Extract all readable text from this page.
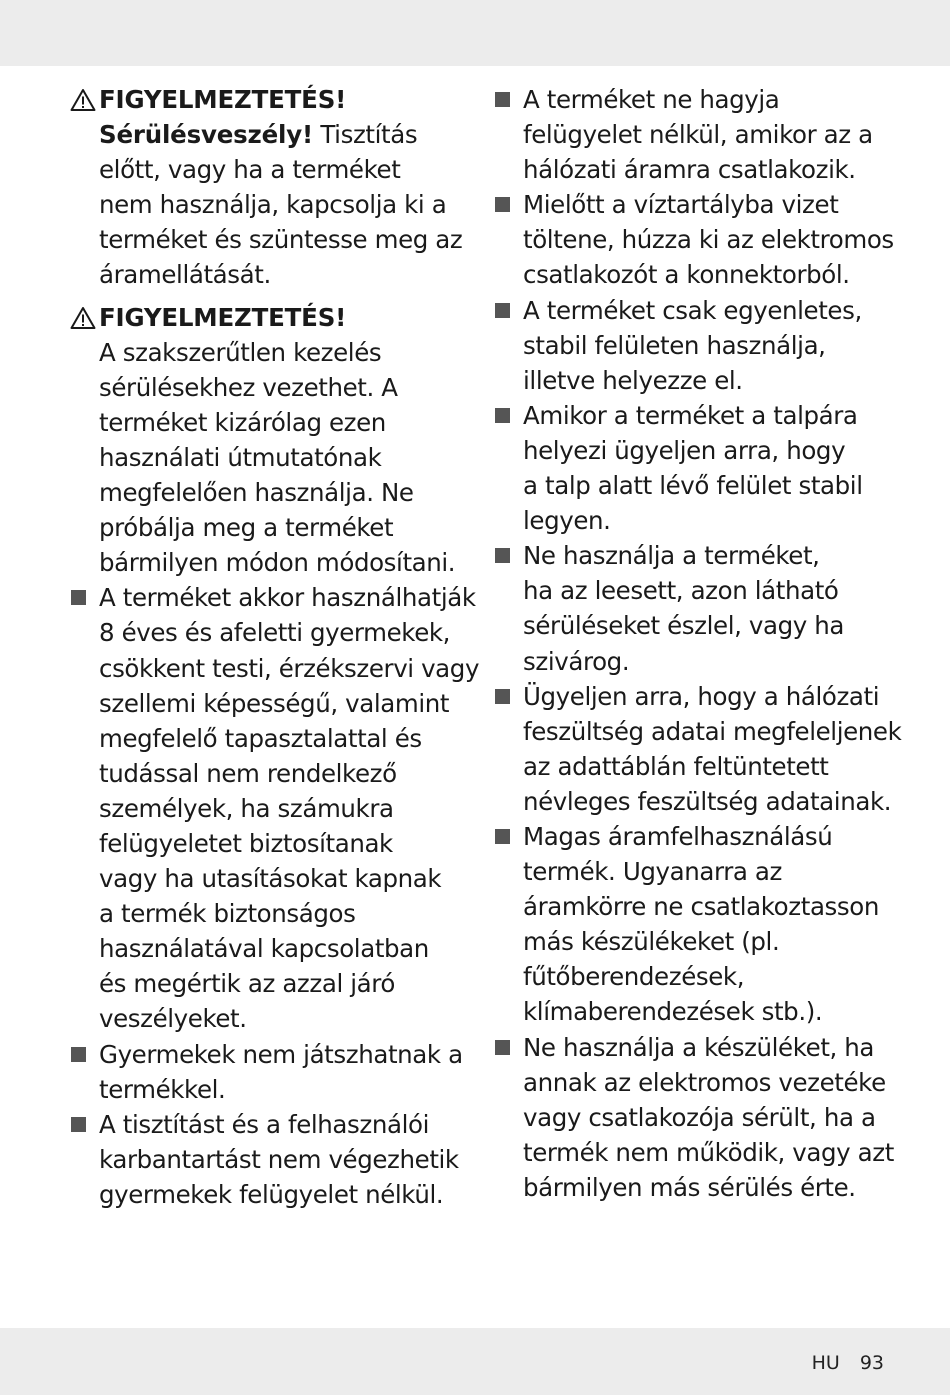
FIGYELMEZTETÉS!
Sérülésveszély! Tisztítás
előtt, vagy ha a terméket
nem használja, kapcsolja ki a
terméket és szüntesse meg az
áramellátását.
FIGYELMEZTETÉS!
A szakszerűtlen kezelés
sérülésekhez vezethet. A
terméket kizárólag ezen
használati útmutatónak
megfelelően használja. Ne
próbálja meg a terméket
bármilyen módon módosítani.
A terméket akkor használhatják
8 éves és afeletti gyermekek,
csökkent testi, érzékszervi vagy
szellemi képességű, valamint
megfelelő tapasztalattal és
tudással nem rendelkező
személyek, ha számukra
felügyeletet biztosítanak
vagy ha utasításokat kapnak
a termék biztonságos
használatával kapcsolatban
és megértik az azzal járó
veszélyeket.
Gyermekek nem játszhatnak a
termékkel.
A tisztítást és a felhasználói
karbantartást nem végezhetik
gyermekek felügyelet nélkül.
A terméket ne hagyja
felügyelet nélkül, amikor az a
hálózati áramra csatlakozik.
Mielőtt a víztartályba vizet
töltene, húzza ki az elektromos
csatlakozót a konnektorból.
A terméket csak egyenletes,
stabil felületen használja,
illetve helyezze el.
Amikor a terméket a talpára
helyezi ügyeljen arra, hogy
a talp alatt lévő felület stabil
legyen.
Ne használja a terméket,
ha az leesett, azon látható
sérüléseket észlel, vagy ha
szivárog.
Ügyeljen arra, hogy a hálózati
feszültség adatai megfeleljenek
az adattáblán feltüntetett
névleges feszültség adatainak.
Magas áramfelhasználású
termék. Ugyanarra az
áramkörre ne csatlakoztasson
más készülékeket (pl.
fűtőberendezések,
klímaberendezések stb.).
Ne használja a készüléket, ha
annak az elektromos vezetéke
vagy csatlakozója sérült, ha a
termék nem működik, vagy azt
bármilyen más sérülés érte.
HU 93
